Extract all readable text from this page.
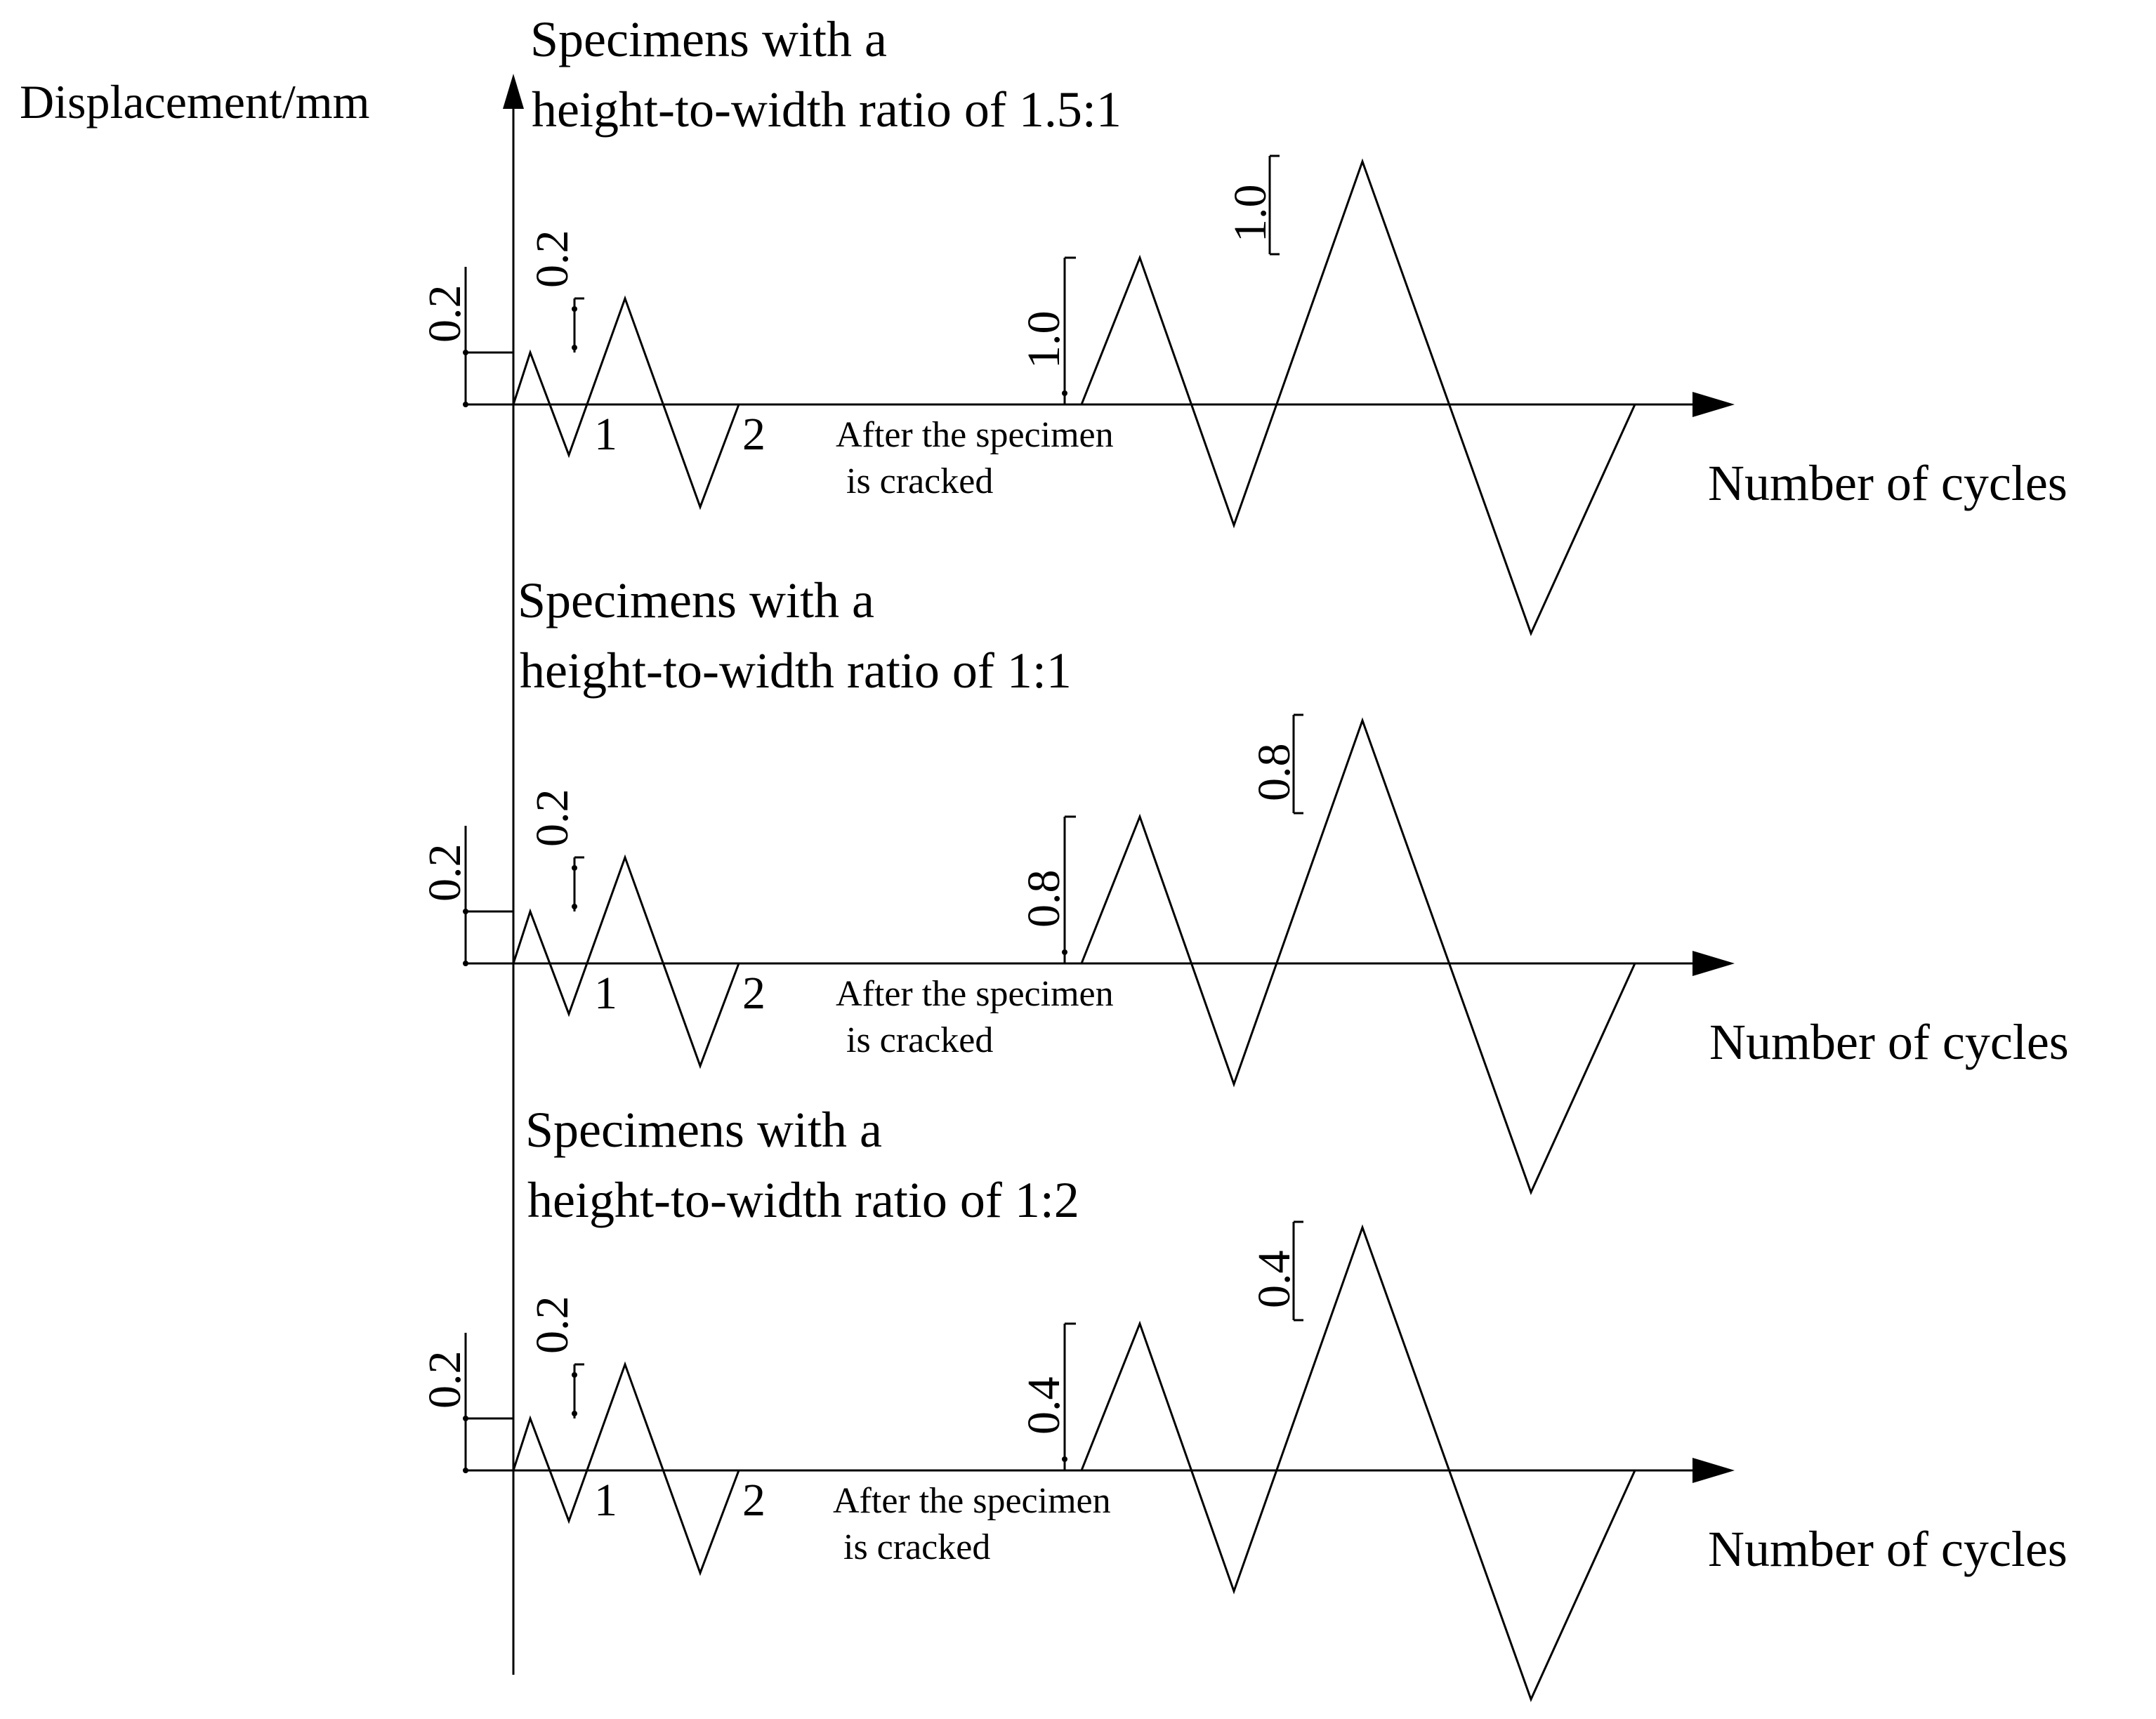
Displacement/mm
Specimens with a
height-to-width ratio of 1.5:1
Number of cycles
1	2 After the specimen
is cracked
0.2
0.2
1.0
1.0
Specimens with a
height-to-width ratio of 1:1
Number of cycles
1	2 After the specimen
is cracked
0.2
0.2
0.8
0.8
Specimens with a
height-to-width ratio of 1:2
Number of cycles
1	2 After the specimen
is cracked
0.2
0.2
0.4
0.4
